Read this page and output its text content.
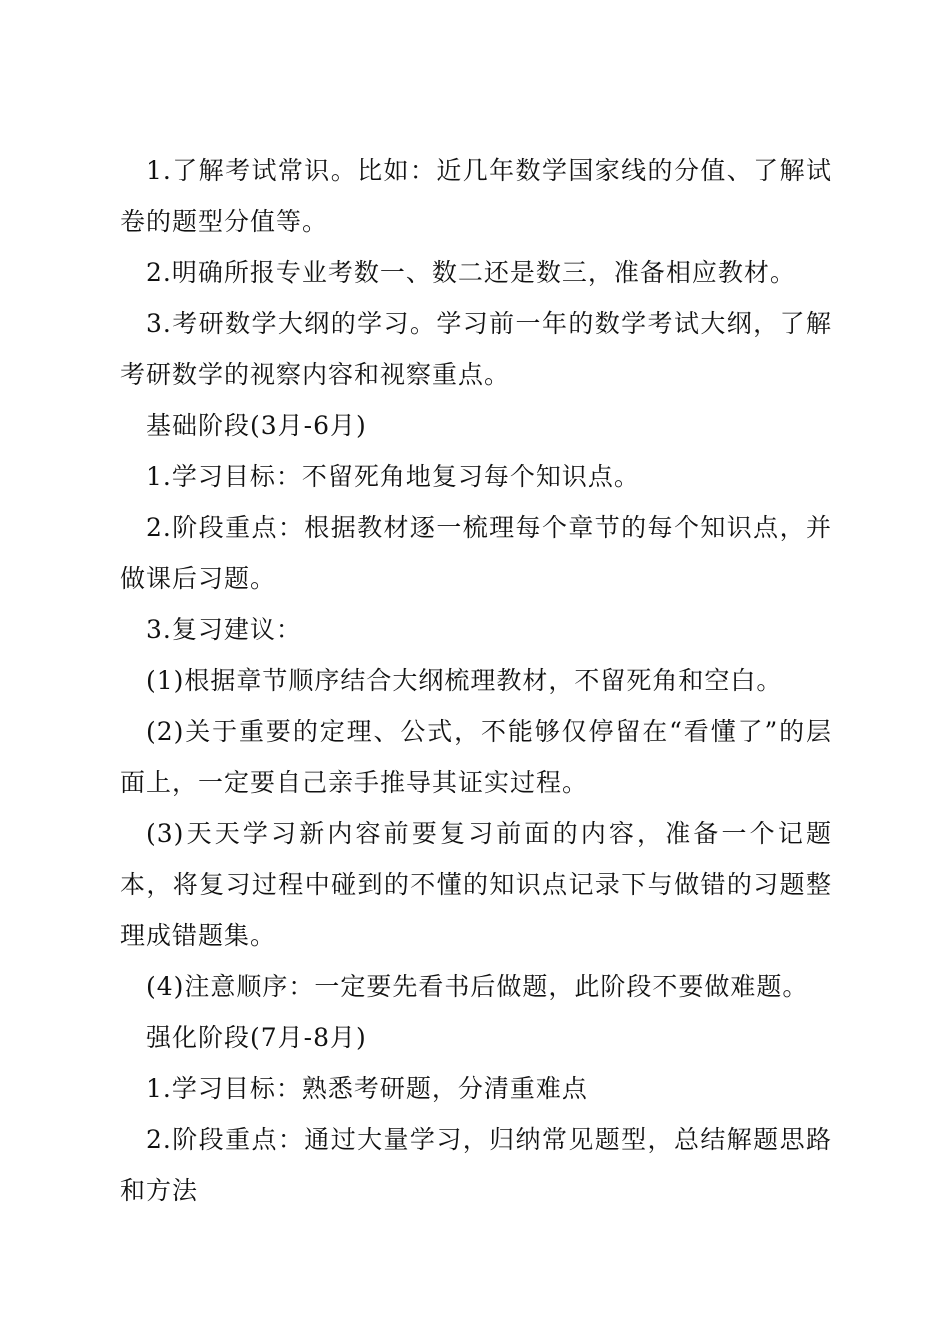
1.了解考试常识。比如：近几年数学国家线的分值、了解试卷的题型分值等。

2.明确所报专业考数一、数二还是数三，准备相应教材。

3.考研数学大纲的学习。学习前一年的数学考试大纲，了解考研数学的视察内容和视察重点。

基础阶段(3月-6月)

1.学习目标：不留死角地复习每个知识点。

2.阶段重点：根据教材逐一梳理每个章节的每个知识点，并做课后习题。

3.复习建议：

(1)根据章节顺序结合大纲梳理教材，不留死角和空白。

(2)关于重要的定理、公式，不能够仅停留在“看懂了”的层面上，一定要自己亲手推导其证实过程。

(3)天天学习新内容前要复习前面的内容，准备一个记题本，将复习过程中碰到的不懂的知识点记录下与做错的习题整理成错题集。

(4)注意顺序：一定要先看书后做题，此阶段不要做难题。

强化阶段(7月-8月)

1.学习目标：熟悉考研题，分清重难点

2.阶段重点：通过大量学习，归纳常见题型，总结解题思路和方法
